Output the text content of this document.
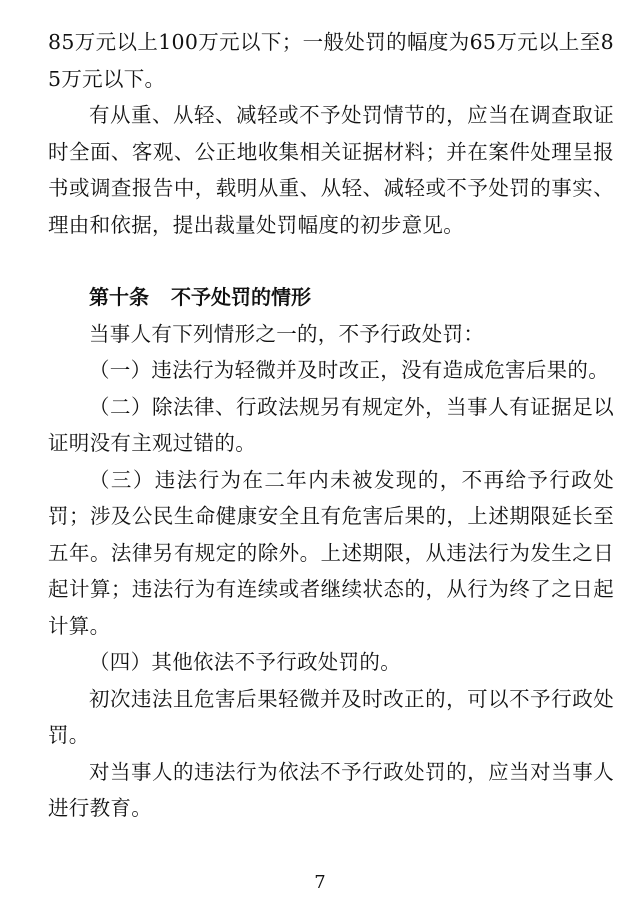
85万元以上100万元以下；一般处罚的幅度为65万元以上至85万元以下。

有从重、从轻、减轻或不予处罚情节的，应当在调查取证时全面、客观、公正地收集相关证据材料；并在案件处理呈报书或调查报告中，载明从重、从轻、减轻或不予处罚的事实、理由和依据，提出裁量处罚幅度的初步意见。

第十条 不予处罚的情形

当事人有下列情形之一的，不予行政处罚：

（一）违法行为轻微并及时改正，没有造成危害后果的。

（二）除法律、行政法规另有规定外，当事人有证据足以证明没有主观过错的。

（三）违法行为在二年内未被发现的，不再给予行政处罚；涉及公民生命健康安全且有危害后果的，上述期限延长至五年。法律另有规定的除外。上述期限，从违法行为发生之日起计算；违法行为有连续或者继续状态的，从行为终了之日起计算。

（四）其他依法不予行政处罚的。

初次违法且危害后果轻微并及时改正的，可以不予行政处罚。

对当事人的违法行为依法不予行政处罚的，应当对当事人进行教育。

7
